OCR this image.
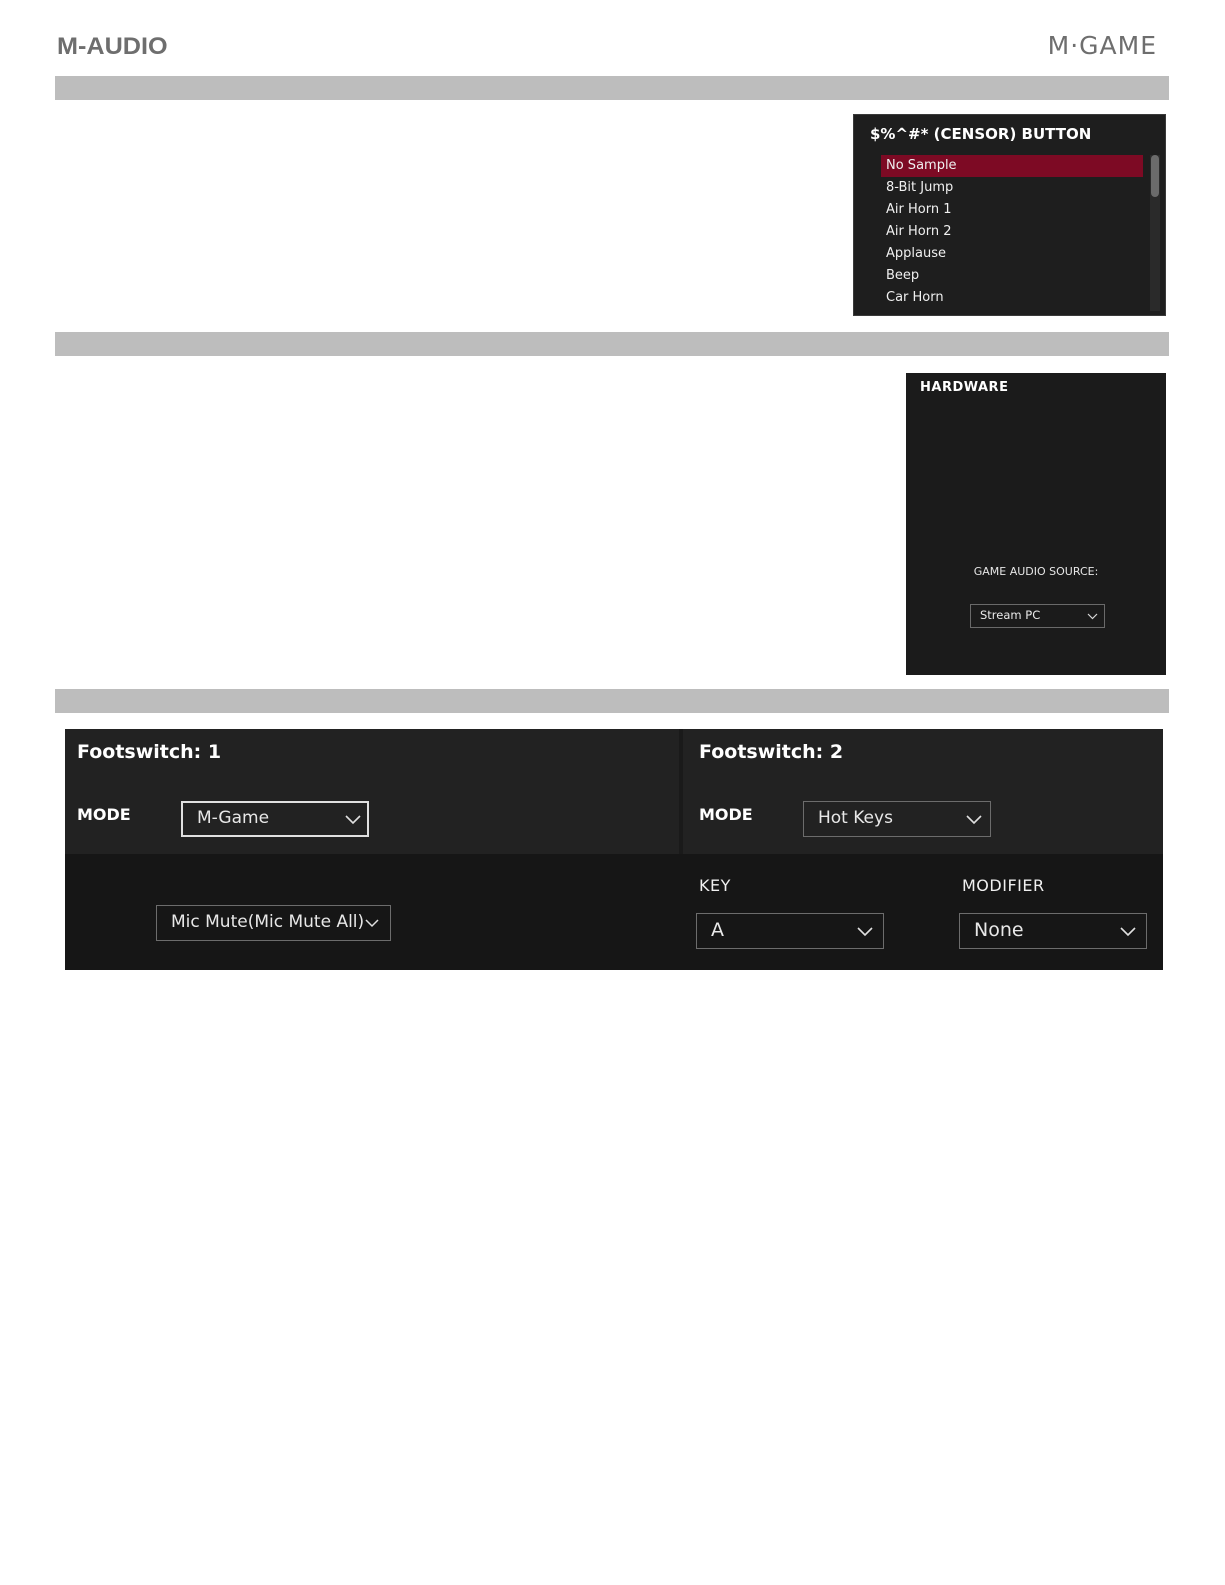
M-AUDIO	M·GAME
$%^#* (CENSOR) BUTTON
No Sample
8-Bit Jump
Air Horn 1
Air Horn 2
Applause
Beep
Car Horn
HARDWARE
GAME AUDIO SOURCE:
Stream PC
Footswitch: 1
MODE	M-Game
Mic Mute(Mic Mute All)
Footswitch: 2
MODE	Hot Keys
KEY
A
MODIFIER
None
